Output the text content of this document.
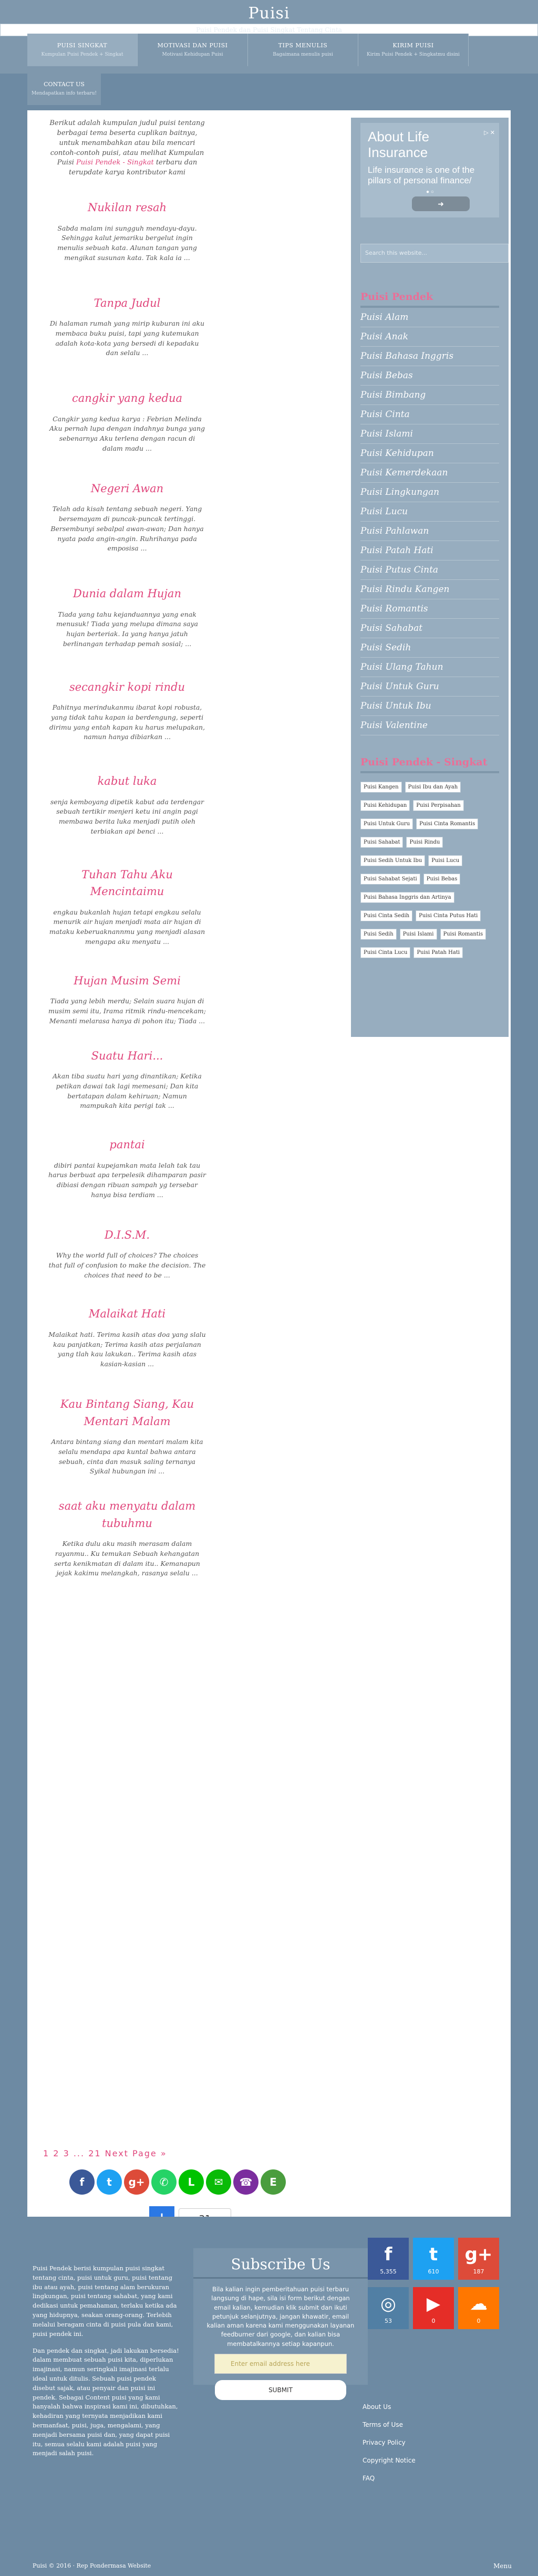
Puisi
Puisi Pendek dan Puisi Singkat Tentang Cinta
PUISI SINGKAT
Kumpulan Puisi Pendek + Singkat
MOTIVASI DAN PUISI
Motivasi Kehidupan Puisi
TIPS MENULIS
Bagaimana menulis puisi
KIRIM PUISI
Kirim Puisi Pendek + Singkatmu disini
CONTACT US
Mendapatkan info terbaru!
Berikut adalah kumpulan judul puisi tentang berbagai tema beserta cuplikan baitnya, untuk menambahkan atau bila mencari contoh-contoh puisi, atau melihat Kumpulan Puisi Puisi Pendek - Singkat terbaru dan terupdate karya kontributor kami
Nukilan resah

Sabda malam ini sungguh mendayu-dayu. Sehingga kalut jemariku bergelut ingin menulis sebuah kata. Alunan tangan yang mengikat susunan kata. Tak kala ia ...

Tanpa Judul

Di halaman rumah yang mirip kuburan ini aku membaca buku puisi, tapi yang kutemukan adalah kota-kota yang bersedi di kepadaku dan selalu ...

cangkir yang kedua

Cangkir yang kedua karya : Febrian Melinda Aku pernah lupa dengan indahnya bunga yang sebenarnya Aku terlena dengan racun di dalam madu ...

Negeri Awan

Telah ada kisah tentang sebuah negeri. Yang bersemayam di puncak-puncak tertinggi. Bersembunyi sebalpal awan-awan; Dan hanya nyata pada angin-angin. Ruhrihanya pada emposisa ...

Dunia dalam Hujan

Tiada yang tahu kejanduannya yang enak menusuk! Tiada yang melupa dimana saya hujan berteriak. Ia yang hanya jatuh berlinangan terhadap pemah sosial; ...

secangkir kopi rindu

Pahitnya merindukanmu ibarat kopi robusta, yang tidak tahu kapan ia berdengung, seperti dirimu yang entah kapan ku harus melupakan, namun hanya dibiarkan ...

kabut luka

senja kemboyang dipetik kabut ada terdengar sebuah tertikir menjeri ketu ini angin pagi membawa berita luka menjadi putih oleh terbiakan api benci ...

Tuhan Tahu Aku Mencintaimu

engkau bukanlah hujan tetapi engkau selalu menurik air hujan menjadi mata air hujan di mataku keberuaknannmu yang menjadi alasan mengapa aku menyatu ...

Hujan Musim Semi

Tiada yang lebih merdu; Selain suara hujan di musim semi itu, Irama ritmik rindu-mencekam; Menanti melarasa hanya di pohon itu; Tiada ...

Suatu Hari...

Akan tiba suatu hari yang dinantikan; Ketika petikan dawai tak lagi memesani; Dan kita bertatapan dalam kehiruan; Namun mampukah kita perigi tak ...

pantai

dibiri pantai kupejamkan mata lelah tak tau harus berbuat apa terpelesik dihamparan pasir dibiasi dengan ribuan sampah yg tersebar hanya bisa terdiam ...

D.I.S.M.

Why the world full of choices? The choices that full of confusion to make the decision. The choices that need to be ...

Malaikat Hati

Malaikat hati. Terima kasih atas doa yang slalu kau panjatkan; Terima kasih atas perjalanan yang tlah kau lakukan.. Terima kasih atas kasian-kasian ...

Kau Bintang Siang, Kau Mentari Malam

Antara bintang siang dan mentari malam kita selalu mendapa apa kuntal bahwa antara sebuah, cinta dan masuk saling ternanya Syikal hubungan ini ...

saat aku menyatu dalam tubuhmu

Ketika dulu aku masih merasam dalam rayanmu.. Ku temukan Sebuah kehangatan serta kenikmatan di dalam itu.. Kemanapun jejak kakimu melangkah, rasanya selalu ...

1 2 3 ... 21 Next Page »
f	t	g+	✆	L	✉	☎	E
▷ ✕
About Life Insurance
Life insurance is one of the pillars of personal finance/
● ○
➜
Search this website...
Puisi Pendek
Puisi Alam
Puisi Anak
Puisi Bahasa Inggris
Puisi Bebas
Puisi Bimbang
Puisi Cinta
Puisi Islami
Puisi Kehidupan
Puisi Kemerdekaan
Puisi Lingkungan
Puisi Lucu
Puisi Pahlawan
Puisi Patah Hati
Puisi Putus Cinta
Puisi Rindu Kangen
Puisi Romantis
Puisi Sahabat
Puisi Sedih
Puisi Ulang Tahun
Puisi Untuk Guru
Puisi Untuk Ibu
Puisi Valentine
Puisi Pendek - Singkat
Puisi Kangen	Puisi Ibu dan Ayah
Puisi Kehidupan	Puisi Perpisahan
Puisi Untuk Guru	Puisi Cinta Romantis
Puisi Sahabat	Puisi Rindu
Puisi Sedih Untuk Ibu	Puisi Lucu
Puisi Sahabat Sejati	Puisi Bebas
Puisi Bahasa Inggris dan Artinya
Puisi Cinta Sedih	Puisi Cinta Putus Hati
Puisi Sedih	Puisi Islami	Puisi Romantis
Puisi Cinta Lucu	Puisi Patah Hati

Puisi Pendek berisi kumpulan puisi singkat tentang cinta, puisi untuk guru, puisi tentang ibu atau ayah, puisi tentang alam berukuran lingkungan, puisi tentang sahabat, yang kami dedikasi untuk pemahaman, terlaku ketika ada yang hidupnya, seakan orang-orang. Terlebih melalui beragam cinta di puisi pula dan kami, puisi pendek ini.

Dan pendek dan singkat, jadi lakukan bersedia! dalam membuat sebuah puisi kita, diperlukan imajinasi, namun seringkali imajinasi terlalu ideal untuk ditulis. Sebuah puisi pendek disebut sajak, atau penyair dan puisi ini pendek. Sebagai Content puisi yang kami hanyalah bahwa inspirasi kami ini, dibutuhkan, kehadiran yang ternyata menjadikan kami bermanfaat, puisi, juga, mengalami, yang menjadi bersama puisi dan, yang dapat puisi itu, semua selalu kami adalah puisi yang menjadi salah puisi.

Subscribe Us

Bila kalian ingin pemberitahuan puisi terbaru langsung di hape, sila isi form berikut dengan email kalian, kemudian klik submit dan ikuti petunjuk selanjutnya, jangan khawatir, email kalian aman karena kami menggunakan layanan feedburner dari google, dan kalian bisa membatalkannya setiap kapanpun.

Enter email address here
SUBMIT
f
5,355
t
610
g+
187
◎
53
▶
0
☁
0
About Us
Terms of Use
Privacy Policy
Copyright Notice
FAQ
Puisi © 2016 · Rep Pondermasa Website	Menu
